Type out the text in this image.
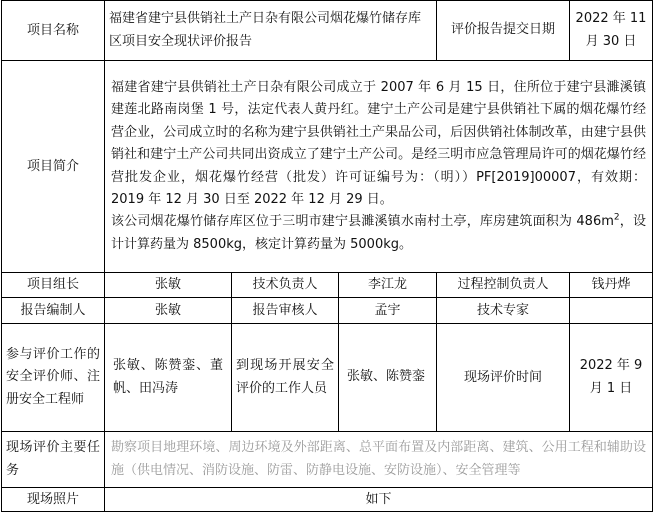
项目名称	福建省建宁县供销社土产日杂有限公司烟花爆竹储存库区项目安全现状评价报告			评价报告提交日期	2022 年 11 月 30 日
项目简介	福建省建宁县供销社土产日杂有限公司成立于 2007 年 6 月 15 日，住所位于建宁县濉溪镇建莲北路南岗堡 1 号，法定代表人黄丹红。建宁土产公司是建宁县供销社下属的烟花爆竹经营企业，公司成立时的名称为建宁县供销社土产果品公司，后因供销社体制改革，由建宁县供销社和建宁土产公司共同出资成立了建宁土产公司。是经三明市应急管理局许可的烟花爆竹经营批发企业，烟花爆竹经营（批发）许可证编号为：（明））PF[2019]00007，有效期：2019 年 12 月 30 日至 2022 年 12 月 29 日。
该公司烟花爆竹储存库区位于三明市建宁县濉溪镇水南村土亭，库房建筑面积为 $486m^2$，设计计算药量为 8500kg，核定计算药量为 5000kg。				

项目组长	张敏	技术负责人	李江龙	过程控制负责人	钱丹烨
报告编制人	张敏	报告审核人	孟宇	技术专家	
参与评价工作的安全评价师、注册安全工程师	张敏、陈赞銮、董帆、田冯涛	到现场开展安全评价的工作人员	张敏、陈赞銮	现场评价时间	2022 年 9 月 1 日
现场评价主要任务	勘察项目地理环境、周边环境及外部距离、总平面布置及内部距离、建筑、公用工程和辅助设施（供电情况、消防设施、防雷、防静电设施、安防设施）、安全管理等				
现场照片	如下				
